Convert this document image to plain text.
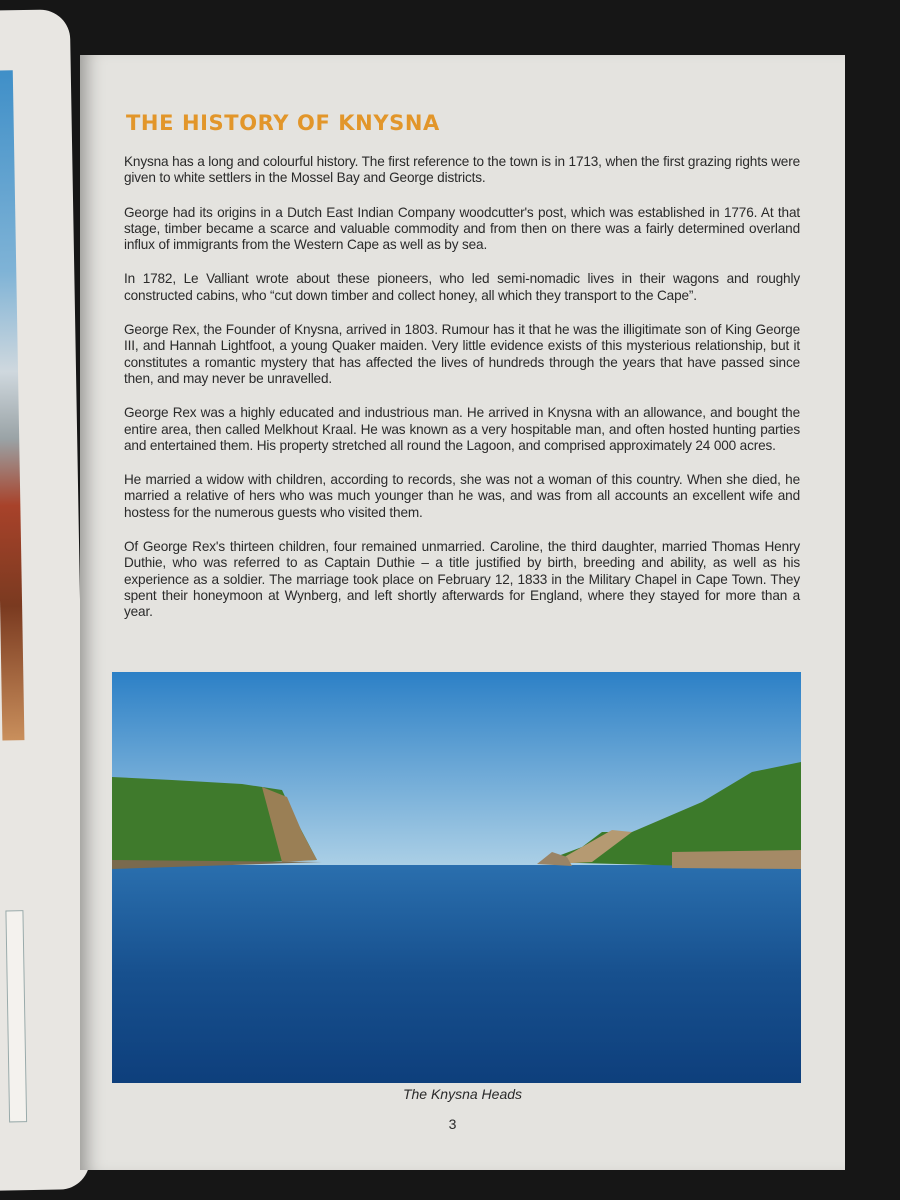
THE HISTORY OF KNYSNA

Knysna has a long and colourful history. The first reference to the town is in 1713, when the first grazing rights were given to white settlers in the Mossel Bay and George districts.

George had its origins in a Dutch East Indian Company woodcutter's post, which was established in 1776. At that stage, timber became a scarce and valuable commodity and from then on there was a fairly determined overland influx of immigrants from the Western Cape as well as by sea.

In 1782, Le Valliant wrote about these pioneers, who led semi-nomadic lives in their wagons and roughly constructed cabins, who “cut down timber and collect honey, all which they transport to the Cape”.

George Rex, the Founder of Knysna, arrived in 1803. Rumour has it that he was the illigitimate son of King George III, and Hannah Lightfoot, a young Quaker maiden. Very little evidence exists of this mysterious relationship, but it constitutes a romantic mystery that has affected the lives of hundreds through the years that have passed since then, and may never be unravelled.

George Rex was a highly educated and industrious man. He arrived in Knysna with an allowance, and bought the entire area, then called Melkhout Kraal. He was known as a very hospitable man, and often hosted hunting parties and entertained them. His property stretched all round the Lagoon, and comprised approximately 24 000 acres.

He married a widow with children, according to records, she was not a woman of this country. When she died, he married a relative of hers who was much younger than he was, and was from all accounts an excellent wife and hostess for the numerous guests who visited them.

Of George Rex's thirteen children, four remained unmarried. Caroline, the third daughter, married Thomas Henry Duthie, who was referred to as Captain Duthie – a title justified by birth, breeding and ability, as well as his experience as a soldier. The marriage took place on February 12, 1833 in the Military Chapel in Cape Town. They spent their honeymoon at Wynberg, and left shortly afterwards for England, where they stayed for more than a year.

The Knysna Heads
3
